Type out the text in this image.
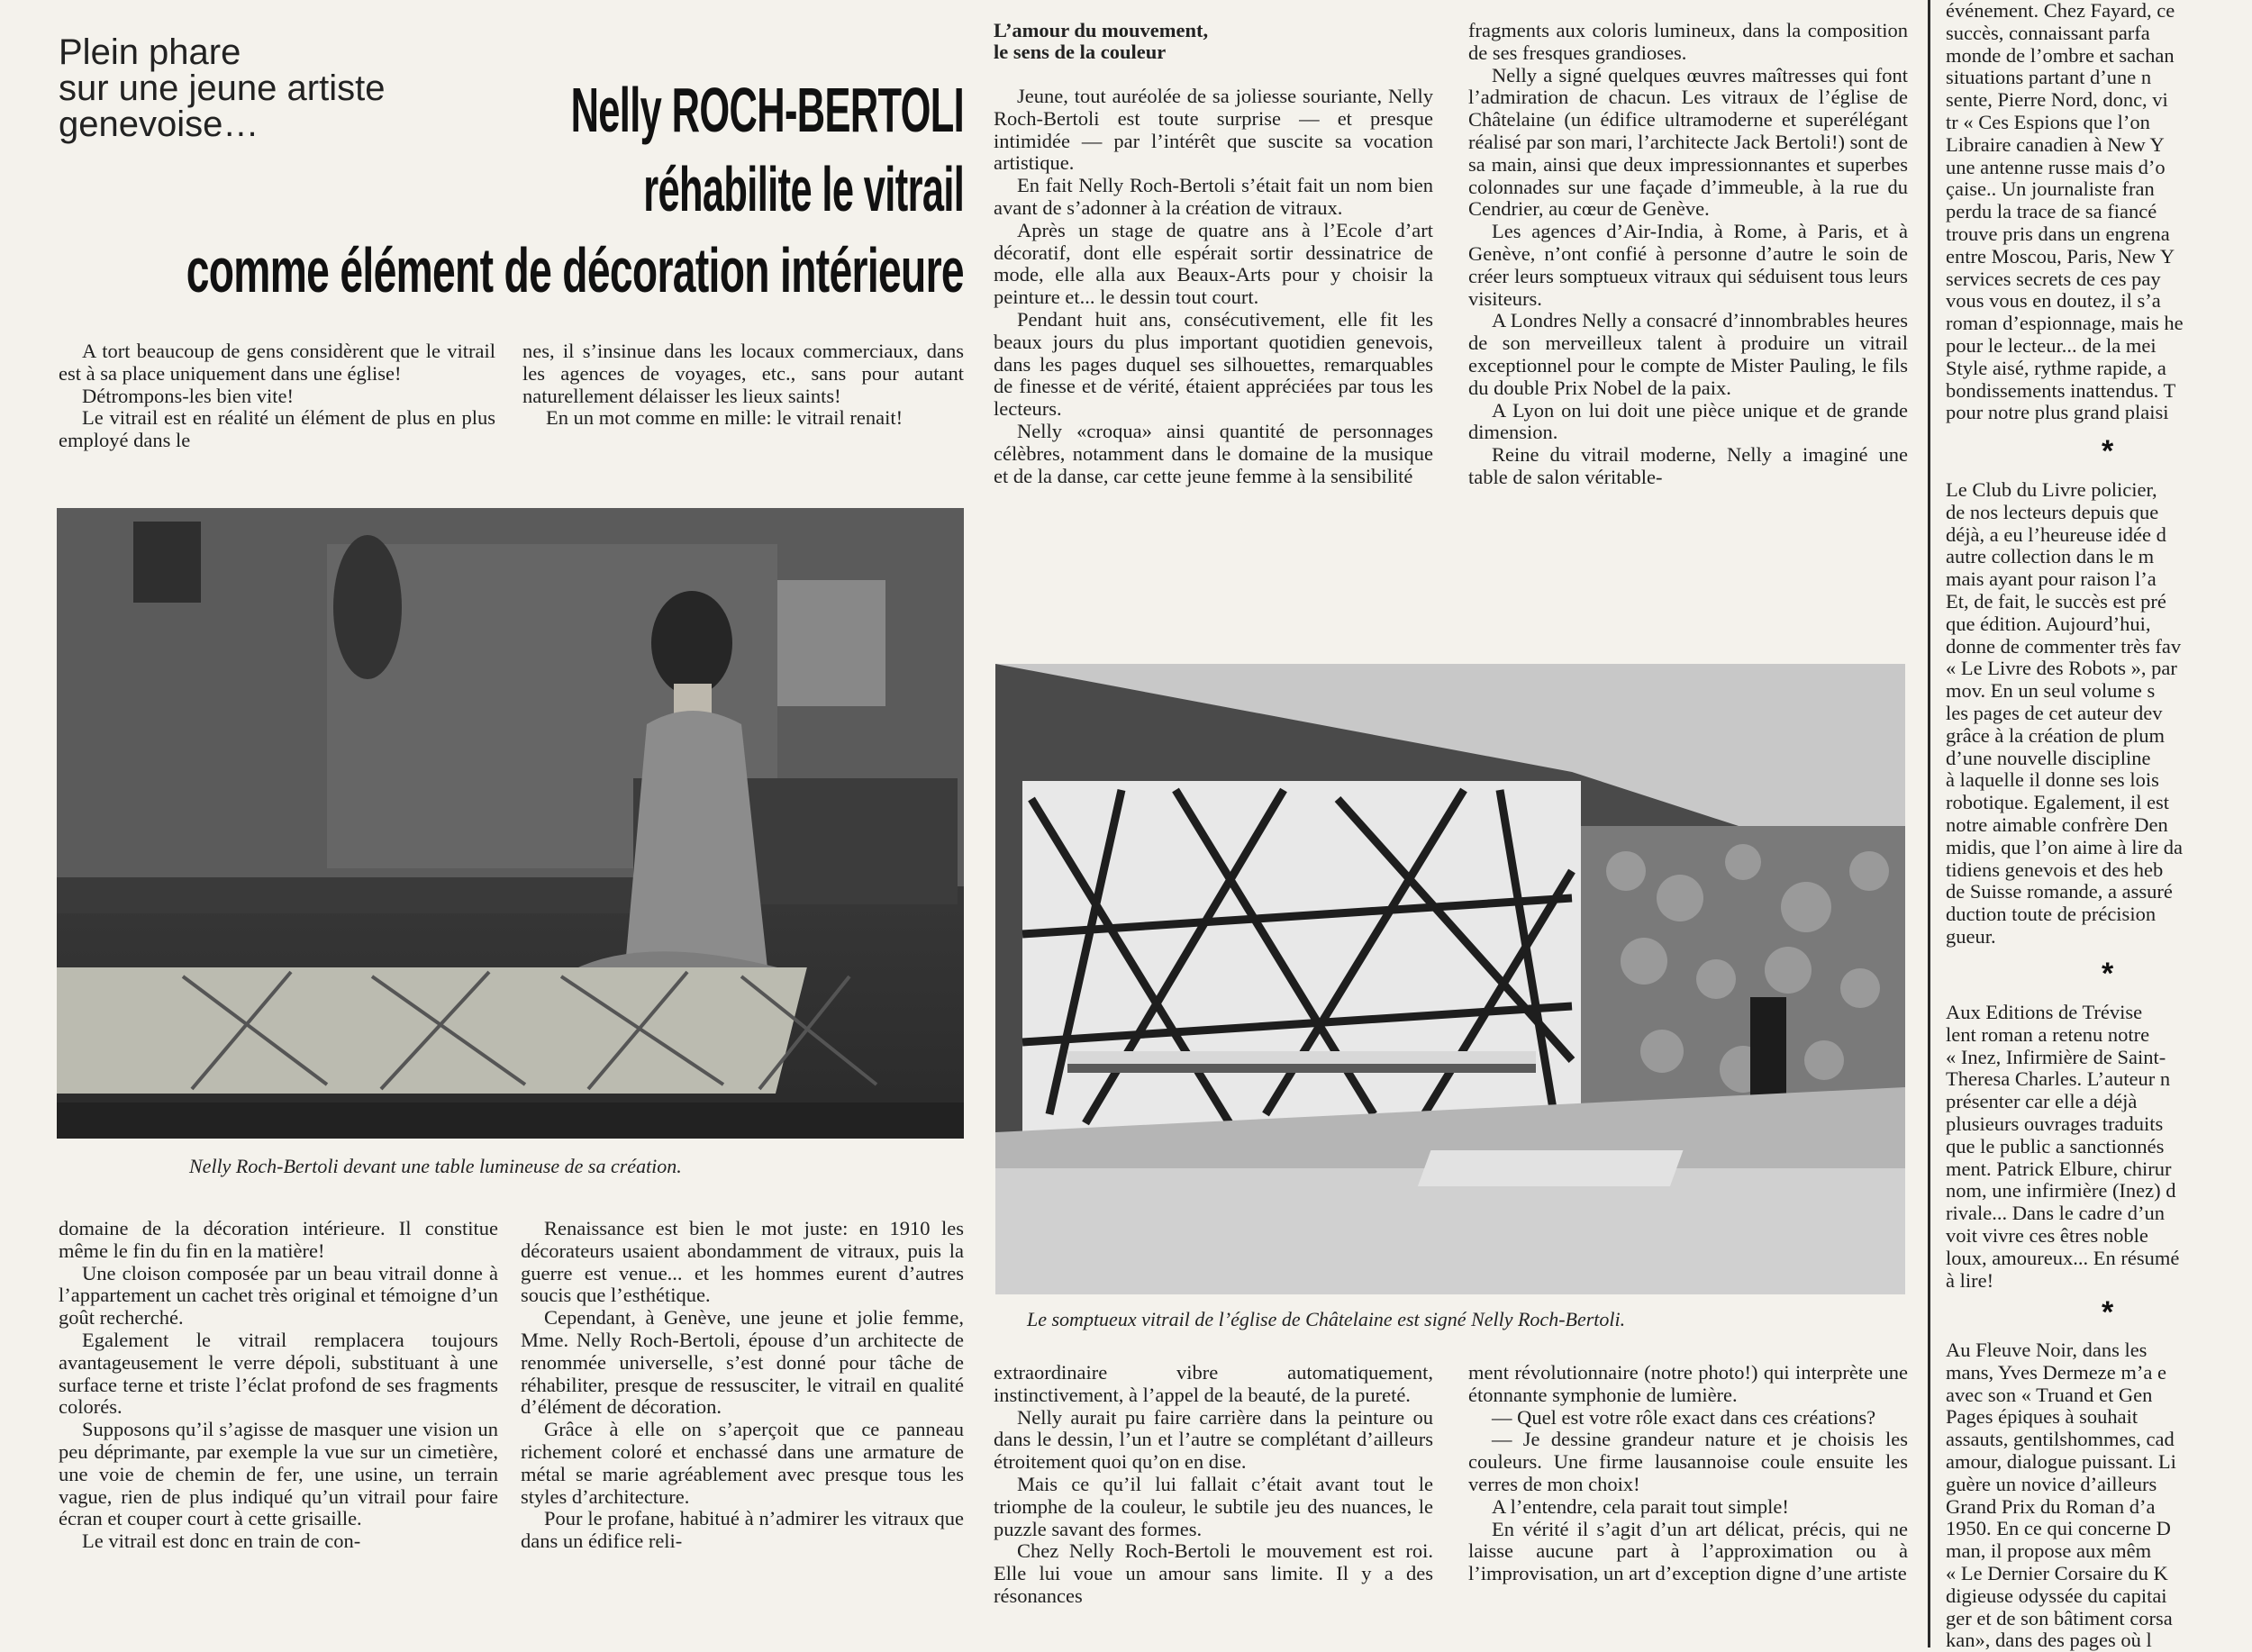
Plein phare
sur une jeune artiste
genevoise…	Nelly ROCH-BERTOLI
réhabilite le vitrail
comme élément de décoration intérieure

A tort beaucoup de gens considèrent que le vitrail est à sa place uniquement dans une église!

Détrompons-les bien vite!

Le vitrail est en réalité un élément de plus en plus employé dans le

nes, il s’insinue dans les locaux commerciaux, dans les agences de voyages, etc., sans pour autant naturellement délaisser les lieux saints!

En un mot comme en mille: le vitrail renait!

Nelly Roch-Bertoli devant une table lumineuse de sa création.
L’amour du mouvement,
le sens de la couleur

Jeune, tout auréolée de sa joliesse souriante, Nelly Roch-Bertoli est toute surprise — et presque intimidée — par l’intérêt que suscite sa vocation artistique.

En fait Nelly Roch-Bertoli s’était fait un nom bien avant de s’adonner à la création de vitraux.

Après un stage de quatre ans à l’Ecole d’art décoratif, dont elle espérait sortir dessinatrice de mode, elle alla aux Beaux-Arts pour y choisir la peinture et... le dessin tout court.

Pendant huit ans, consécutivement, elle fit les beaux jours du plus important quotidien genevois, dans les pages duquel ses silhouettes, remarquables de finesse et de vérité, étaient appréciées par tous les lecteurs.

Nelly «croqua» ainsi quantité de personnages célèbres, notamment dans le domaine de la musique et de la danse, car cette jeune femme à la sensibilité

fragments aux coloris lumineux, dans la composition de ses fresques grandioses.

Nelly a signé quelques œuvres maîtresses qui font l’admiration de chacun. Les vitraux de l’église de Châtelaine (un édifice ultramoderne et superélégant réalisé par son mari, l’architecte Jack Bertoli!) sont de sa main, ainsi que deux impressionnantes et superbes colonnades sur une façade d’immeuble, à la rue du Cendrier, au cœur de Genève.

Les agences d’Air-India, à Rome, à Paris, et à Genève, n’ont confié à personne d’autre le soin de créer leurs somptueux vitraux qui séduisent tous leurs visiteurs.

A Londres Nelly a consacré d’innombrables heures de son merveilleux talent à produire un vitrail exceptionnel pour le compte de Mister Pauling, le fils du double Prix Nobel de la paix.

A Lyon on lui doit une pièce unique et de grande dimension.

Reine du vitrail moderne, Nelly a imaginé une table de salon véritable-

Le somptueux vitrail de l’église de Châtelaine est signé Nelly Roch-Bertoli.

domaine de la décoration intérieure. Il constitue même le fin du fin en la matière!

Une cloison composée par un beau vitrail donne à l’appartement un cachet très original et témoigne d’un goût recherché.

Egalement le vitrail remplacera toujours avantageusement le verre dépoli, substituant à une surface terne et triste l’éclat profond de ses fragments colorés.

Supposons qu’il s’agisse de masquer une vision un peu déprimante, par exemple la vue sur un cimetière, une voie de chemin de fer, une usine, un terrain vague, rien de plus indiqué qu’un vitrail pour faire écran et couper court à cette grisaille.

Le vitrail est donc en train de con-

Renaissance est bien le mot juste: en 1910 les décorateurs usaient abondamment de vitraux, puis la guerre est venue... et les hommes eurent d’autres soucis que l’esthétique.

Cependant, à Genève, une jeune et jolie femme, Mme. Nelly Roch-Bertoli, épouse d’un architecte de renommée universelle, s’est donné pour tâche de réhabiliter, presque de ressusciter, le vitrail en qualité d’élément de décoration.

Grâce à elle on s’aperçoit que ce panneau richement coloré et enchassé dans une armature de métal se marie agréablement avec presque tous les styles d’architecture.

Pour le profane, habitué à n’admirer les vitraux que dans un édifice reli-

extraordinaire vibre automatiquement, instinctivement, à l’appel de la beauté, de la pureté.

Nelly aurait pu faire carrière dans la peinture ou dans le dessin, l’un et l’autre se complétant d’ailleurs étroitement quoi qu’on en dise.

Mais ce qu’il lui fallait c’était avant tout le triomphe de la couleur, le subtile jeu des nuances, le puzzle savant des formes.

Chez Nelly Roch-Bertoli le mouvement est roi. Elle lui voue un amour sans limite. Il y a des résonances

ment révolutionnaire (notre photo!) qui interprète une étonnante symphonie de lumière.

— Quel est votre rôle exact dans ces créations?

— Je dessine grandeur nature et je choisis les couleurs. Une firme lausannoise coule ensuite les verres de mon choix!

A l’entendre, cela parait tout simple!

En vérité il s’agit d’un art délicat, précis, qui ne laisse aucune part à l’approximation ou à l’improvisation, un art d’exception digne d’une artiste

événement. Chez Fayard, ce
succès, connaissant parfa
monde de l’ombre et sachan
situations partant d’une n
sente, Pierre Nord, donc, vi
tr « Ces Espions que l’on
Libraire canadien à New Y
une antenne russe mais d’o
çaise.. Un journaliste fran
perdu la trace de sa fiancé
trouve pris dans un engrena
entre Moscou, Paris, New Y
services secrets de ces pay
vous vous en doutez, il s’a
roman d’espionnage, mais he
pour le lecteur... de la mei
Style aisé, rythme rapide, a
bondissements inattendus. T
pour notre plus grand plaisi
*
Le Club du Livre policier,
de nos lecteurs depuis que
déjà, a eu l’heureuse idée d
autre collection dans le m
mais ayant pour raison l’a
Et, de fait, le succès est pré
que édition. Aujourd’hui,
donne de commenter très fav
« Le Livre des Robots », par
mov. En un seul volume s
les pages de cet auteur dev
grâce à la création de plum
d’une nouvelle discipline
à laquelle il donne ses lois
robotique. Egalement, il est
notre aimable confrère Den
midis, que l’on aime à lire da
tidiens genevois et des heb
de Suisse romande, a assuré
duction toute de précision
gueur.
*
Aux Editions de Trévise
lent roman a retenu notre
« Inez, Infirmière de Saint-
Theresa Charles. L’auteur n
présenter car elle a déjà
plusieurs ouvrages traduits
que le public a sanctionnés
ment. Patrick Elbure, chirur
nom, une infirmière (Inez) d
rivale... Dans le cadre d’un
voit vivre ces êtres noble
loux, amoureux... En résumé
à lire!
*
Au Fleuve Noir, dans les
mans, Yves Dermeze m’a e
avec son « Truand et Gen
Pages épiques à souhait
assauts, gentilshommes, cad
amour, dialogue puissant. Li
guère un novice d’ailleurs
Grand Prix du Roman d’a
1950. En ce qui concerne D
man, il propose aux mêm
« Le Dernier Corsaire du K
digieuse odyssée du capitai
ger et de son bâtiment corsa
kan», dans des pages où l
